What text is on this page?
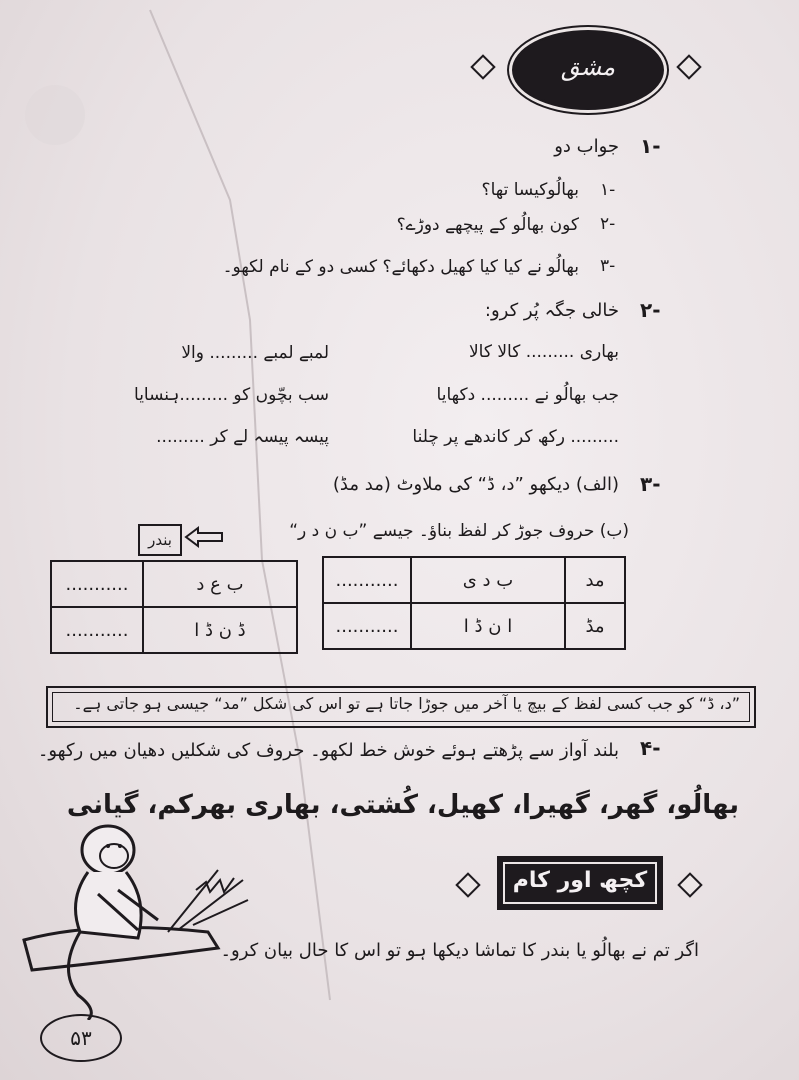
مشق
۱-
جواب دو
۱-
بھالُوکیسا تھا؟
۲-
کون بھالُو کے پیچھے دوڑے؟
۳-
بھالُو نے کیا کیا کھیل دکھائے؟ کسی دو کے نام لکھو۔
۲-
خالی جگہ پُر کرو:
بھاری ......... کالا کالا
لمبے لمبے ......... والا
جب بھالُو نے ......... دکھایا
سب بچّوں کو .........ہنسایا
......... رکھ کر کاندھے پر چلنا
پیسہ پیسہ لے کر .........
۳-
(الف) دیکھو ”د، ڈ“ کی ملاوٹ (مد مڈ)
(ب) حروف جوڑ کر لفظ بناؤ۔ جیسے ”ب ن د ر“
بندر
مد	ب د ی	...........
مڈ	ا ن ڈ ا	...........
ب ع د	...........
ڈ ن ڈ ا	...........
”د، ڈ“ کو جب کسی لفظ کے بیچ یا آخر میں جوڑا جاتا ہے تو اس کی شکل ”مد“ جیسی ہو جاتی ہے۔
۴-
بلند آواز سے پڑھتے ہوئے خوش خط لکھو۔ حروف کی شکلیں دھیان میں رکھو۔
بھالُو، گھر، گھیرا، کھیل، کُشتی، بھاری بھرکم، گیانی
کچھ اور کام
اگر تم نے بھالُو یا بندر کا تماشا دیکھا ہو تو اس کا حال بیان کرو۔
۵۳
